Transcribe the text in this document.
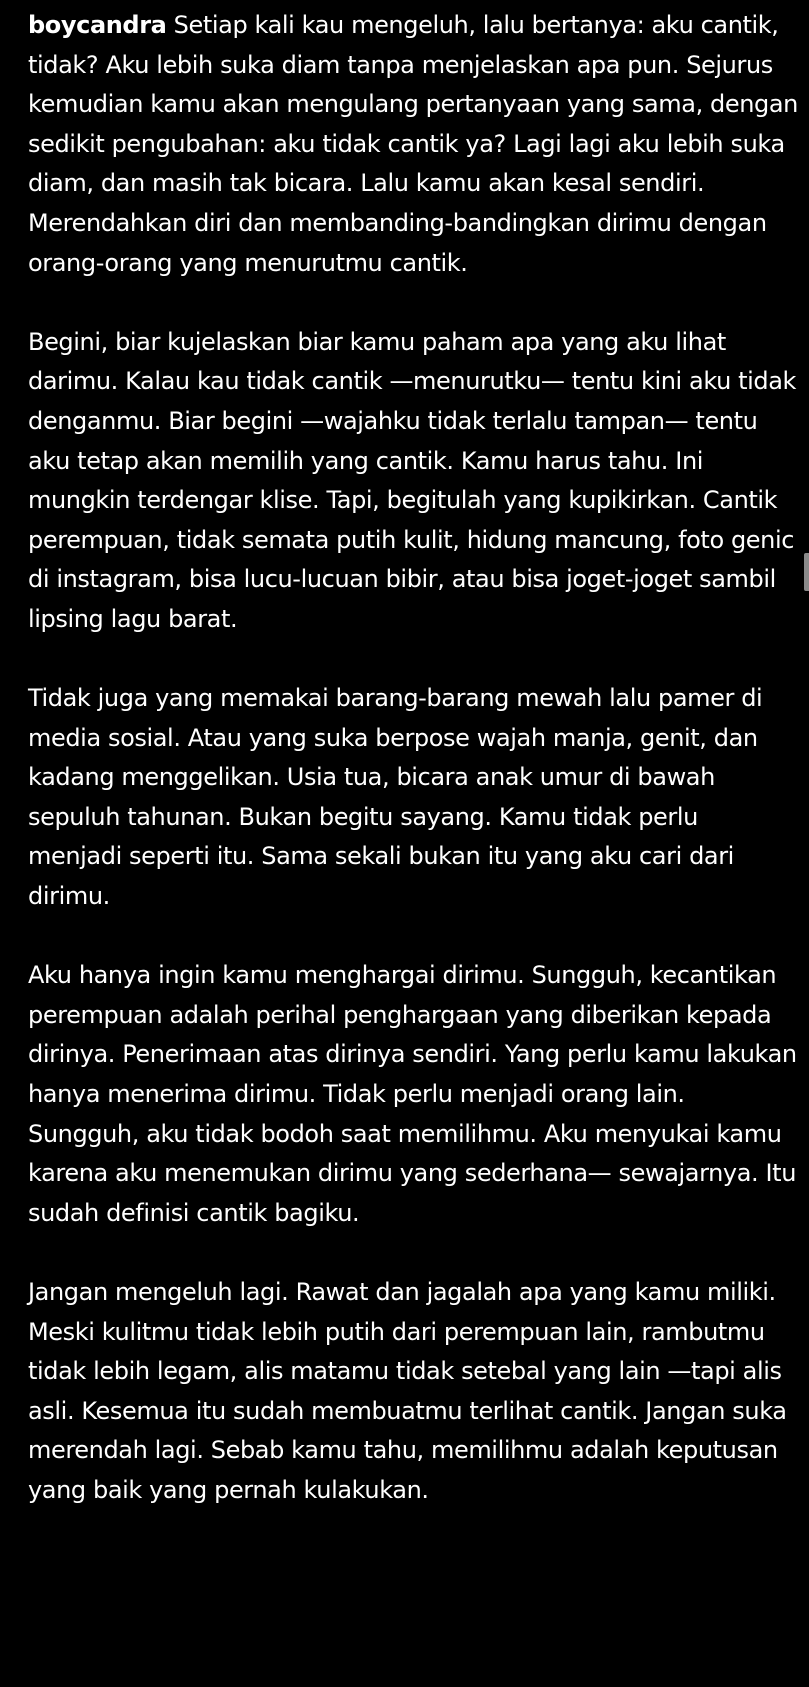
boycandra Setiap kali kau mengeluh, lalu bertanya: aku cantik, tidak? Aku lebih suka diam tanpa menjelaskan apa pun. Sejurus kemudian kamu akan mengulang pertanyaan yang sama, dengan sedikit pengubahan: aku tidak cantik ya? Lagi lagi aku lebih suka diam, dan masih tak bicara. Lalu kamu akan kesal sendiri. Merendahkan diri dan membanding-bandingkan dirimu dengan orang-orang yang menurutmu cantik.

Begini, biar kujelaskan biar kamu paham apa yang aku lihat darimu. Kalau kau tidak cantik —menurutku— tentu kini aku tidak denganmu. Biar begini —wajahku tidak terlalu tampan— tentu aku tetap akan memilih yang cantik. Kamu harus tahu. Ini mungkin terdengar klise. Tapi, begitulah yang kupikirkan. Cantik perempuan, tidak semata putih kulit, hidung mancung, foto genic di instagram, bisa lucu-lucuan bibir, atau bisa joget-joget sambil lipsing lagu barat.

Tidak juga yang memakai barang-barang mewah lalu pamer di media sosial. Atau yang suka berpose wajah manja, genit, dan kadang menggelikan. Usia tua, bicara anak umur di bawah sepuluh tahunan. Bukan begitu sayang. Kamu tidak perlu menjadi seperti itu. Sama sekali bukan itu yang aku cari dari dirimu.

Aku hanya ingin kamu menghargai dirimu. Sungguh, kecantikan perempuan adalah perihal penghargaan yang diberikan kepada dirinya. Penerimaan atas dirinya sendiri. Yang perlu kamu lakukan hanya menerima dirimu. Tidak perlu menjadi orang lain. Sungguh, aku tidak bodoh saat memilihmu. Aku menyukai kamu karena aku menemukan dirimu yang sederhana— sewajarnya. Itu sudah definisi cantik bagiku.

Jangan mengeluh lagi. Rawat dan jagalah apa yang kamu miliki. Meski kulitmu tidak lebih putih dari perempuan lain, rambutmu tidak lebih legam, alis matamu tidak setebal yang lain —tapi alis asli. Kesemua itu sudah membuatmu terlihat cantik. Jangan suka merendah lagi. Sebab kamu tahu, memilihmu adalah keputusan yang baik yang pernah kulakukan.
